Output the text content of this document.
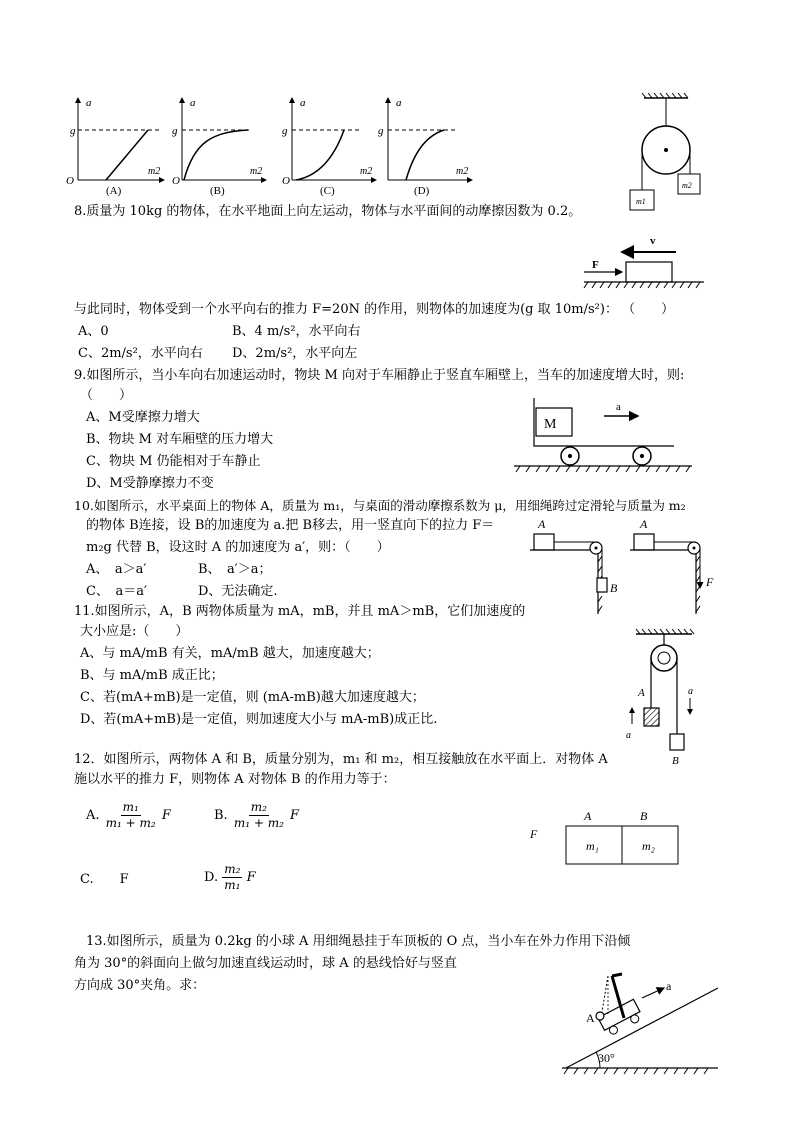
a
g
O
m2
(A)
a
g
O
m2
(B)
a
g
O
m2
(C)
a
g
m2
(D)
m1
m2
8.质量为 10kg 的物体，在水平地面上向左运动，物体与水平面间的动摩擦因数为 0.2。
v
F
与此同时，物体受到一个水平向右的推力 F=20N 的作用，则物体的加速度为(g 取 10m/s²)： （　　）
A、0	B、4 m/s²，水平向右
C、2m/s²，水平向右 D、2m/s²，水平向左
9.如图所示，当小车向右加速运动时，物块 M 向对于车厢静止于竖直车厢壁上，当车的加速度增大时，则:
（　　）
M
a
A、M受摩擦力增大
B、物块 M 对车厢壁的压力增大
C、物块 M 仍能相对于车静止
D、M受静摩擦力不变
10.如图所示，水平桌面上的物体 A，质量为 m₁，与桌面的滑动摩擦系数为 μ，用细绳跨过定滑轮与质量为 m₂
的物体 B连接，设 B的加速度为 a.把 B移去，用一竖直向下的拉力 F＝
m₂g 代替 B，设这时 A 的加速度为 a′，则：（　　）
A
B
A
F
A、　a＞a′	B、　a′＞a；
C、　a＝a′	D、无法确定.
11.如图所示，A，B 两物体质量为 mA，mB，并且 mA＞mB，它们加速度的
大小应是:（　　）
A、与 mA/mB 有关，mA/mB 越大，加速度越大；
B、与 mA/mB 成正比；
C、若(mA+mB)是一定值，则 (mA-mB)越大加速度越大；
D、若(mA+mB)是一定值，则加速度大小与 mA-mB)成正比.
A
B
a
a
12．如图所示，两物体 A 和 B，质量分别为，m₁ 和 m₂，相互接触放在水平面上．对物体 A
施以水平的推力 F，则物体 A 对物体 B 的作用力等于：
A. $\frac{\text{m₁}}{\text{m₁ + m₂}}$ F	B. $\frac{\text{m₂}}{\text{m₁ + m₂}}$ F
C.　　F	D. $\frac{\text{m₂}}{\text{m₁}}$ F
A	B
F
m₁	m₂
13.如图所示，质量为 0.2kg 的小球 A 用细绳悬挂于车顶板的 O 点，当小车在外力作用下沿倾
角为 30°的斜面向上做匀加速直线运动时，球 A 的悬线恰好与竖直
方向成 30°夹角。求：
30°
A
a
